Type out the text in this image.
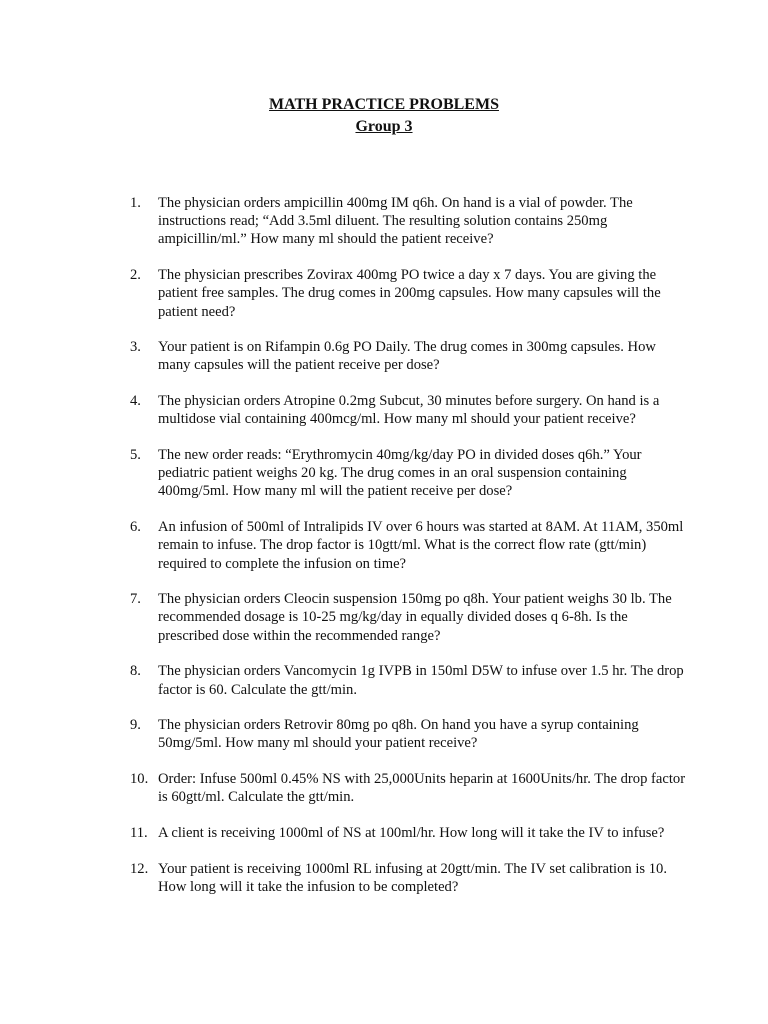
MATH PRACTICE PROBLEMS
Group 3
1.	The physician orders ampicillin 400mg IM q6h. On hand is a vial of powder. The instructions read; “Add 3.5ml diluent. The resulting solution contains 250mg ampicillin/ml.” How many ml should the patient receive?
2.	The physician prescribes Zovirax 400mg PO twice a day x 7 days. You are giving the patient free samples. The drug comes in 200mg capsules. How many capsules will the patient need?
3.	Your patient is on Rifampin 0.6g PO Daily. The drug comes in 300mg capsules. How many capsules will the patient receive per dose?
4.	The physician orders Atropine 0.2mg Subcut, 30 minutes before surgery. On hand is a multidose vial containing 400mcg/ml. How many ml should your patient receive?
5.	The new order reads: “Erythromycin 40mg/kg/day PO in divided doses q6h.” Your pediatric patient weighs 20 kg. The drug comes in an oral suspension containing 400mg/5ml. How many ml will the patient receive per dose?
6.	An infusion of 500ml of Intralipids IV over 6 hours was started at 8AM. At 11AM, 350ml remain to infuse. The drop factor is 10gtt/ml. What is the correct flow rate (gtt/min) required to complete the infusion on time?
7.	The physician orders Cleocin suspension 150mg po q8h. Your patient weighs 30 lb. The recommended dosage is 10-25 mg/kg/day in equally divided doses q 6-8h. Is the prescribed dose within the recommended range?
8.	The physician orders Vancomycin 1g IVPB in 150ml D5W to infuse over 1.5 hr. The drop factor is 60. Calculate the gtt/min.
9.	The physician orders Retrovir 80mg po q8h. On hand you have a syrup containing 50mg/5ml. How many ml should your patient receive?
10. Order: Infuse 500ml 0.45% NS with 25,000Units heparin at 1600Units/hr. The drop factor is 60gtt/ml. Calculate the gtt/min.
11. A client is receiving 1000ml of NS at 100ml/hr. How long will it take the IV to infuse?
12. Your patient is receiving 1000ml RL infusing at 20gtt/min. The IV set calibration is 10. How long will it take the infusion to be completed?
